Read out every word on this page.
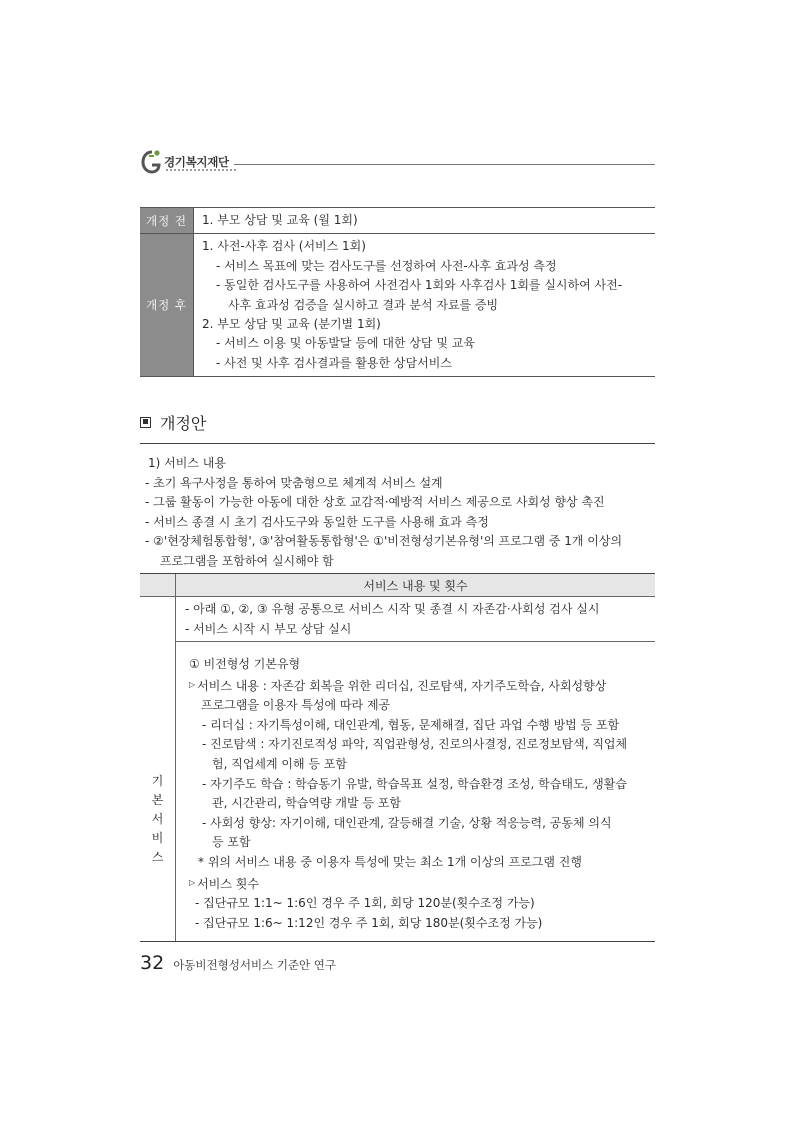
경기복지재단
개정 전	1. 부모 상담 및 교육 (월 1회)
개정 후
1. 사전-사후 검사 (서비스 1회)
- 서비스 목표에 맞는 검사도구를 선정하여 사전-사후 효과성 측정
- 동일한 검사도구를 사용하여 사전검사 1회와 사후검사 1회를 실시하여 사전-
사후 효과성 검증을 실시하고 결과 분석 자료를 증빙
2. 부모 상담 및 교육 (분기별 1회)
- 서비스 이용 및 아동발달 등에 대한 상담 및 교육
- 사전 및 사후 검사결과를 활용한 상담서비스
개정안

1) 서비스 내용

- 초기 욕구사정을 통하여 맞춤형으로 체계적 서비스 설계

- 그룹 활동이 가능한 아동에 대한 상호 교감적·예방적 서비스 제공으로 사회성 향상 촉진

- 서비스 종결 시 초기 검사도구와 동일한 도구를 사용해 효과 측정

- ②'현장체험통합형', ③'참여활동통합형'은 ①'비전형성기본유형'의 프로그램 중 1개 이상의

프로그램을 포함하여 실시해야 함

서비스 내용 및 횟수
기본서비스

- 아래 ①, ②, ③ 유형 공통으로 서비스 시작 및 종결 시 자존감·사회성 검사 실시

- 서비스 시작 시 부모 상담 실시

① 비전형성 기본유형

▷ 서비스 내용 : 자존감 회복을 위한 리더십, 진로탐색, 자기주도학습, 사회성향상

프로그램을 이용자 특성에 따라 제공

- 리더십 : 자기특성이해, 대인관계, 협동, 문제해결, 집단 과업 수행 방법 등 포함

- 진로탐색 : 자기진로적성 파악, 직업관형성, 진로의사결정, 진로정보탐색, 직업체

험, 직업세계 이해 등 포함

- 자기주도 학습 : 학습동기 유발, 학습목표 설정, 학습환경 조성, 학습태도, 생활습

관, 시간관리, 학습역량 개발 등 포함

- 사회성 향상: 자기이해, 대인관계, 갈등해결 기술, 상황 적응능력, 공동체 의식

등 포함

* 위의 서비스 내용 중 이용자 특성에 맞는 최소 1개 이상의 프로그램 진행

▷ 서비스 횟수

- 집단규모 1:1~ 1:6인 경우 주 1회, 회당 120분(횟수조정 가능)

- 집단규모 1:6~ 1:12인 경우 주 1회, 회당 180분(횟수조정 가능)

32 아동비전형성서비스 기준안 연구
